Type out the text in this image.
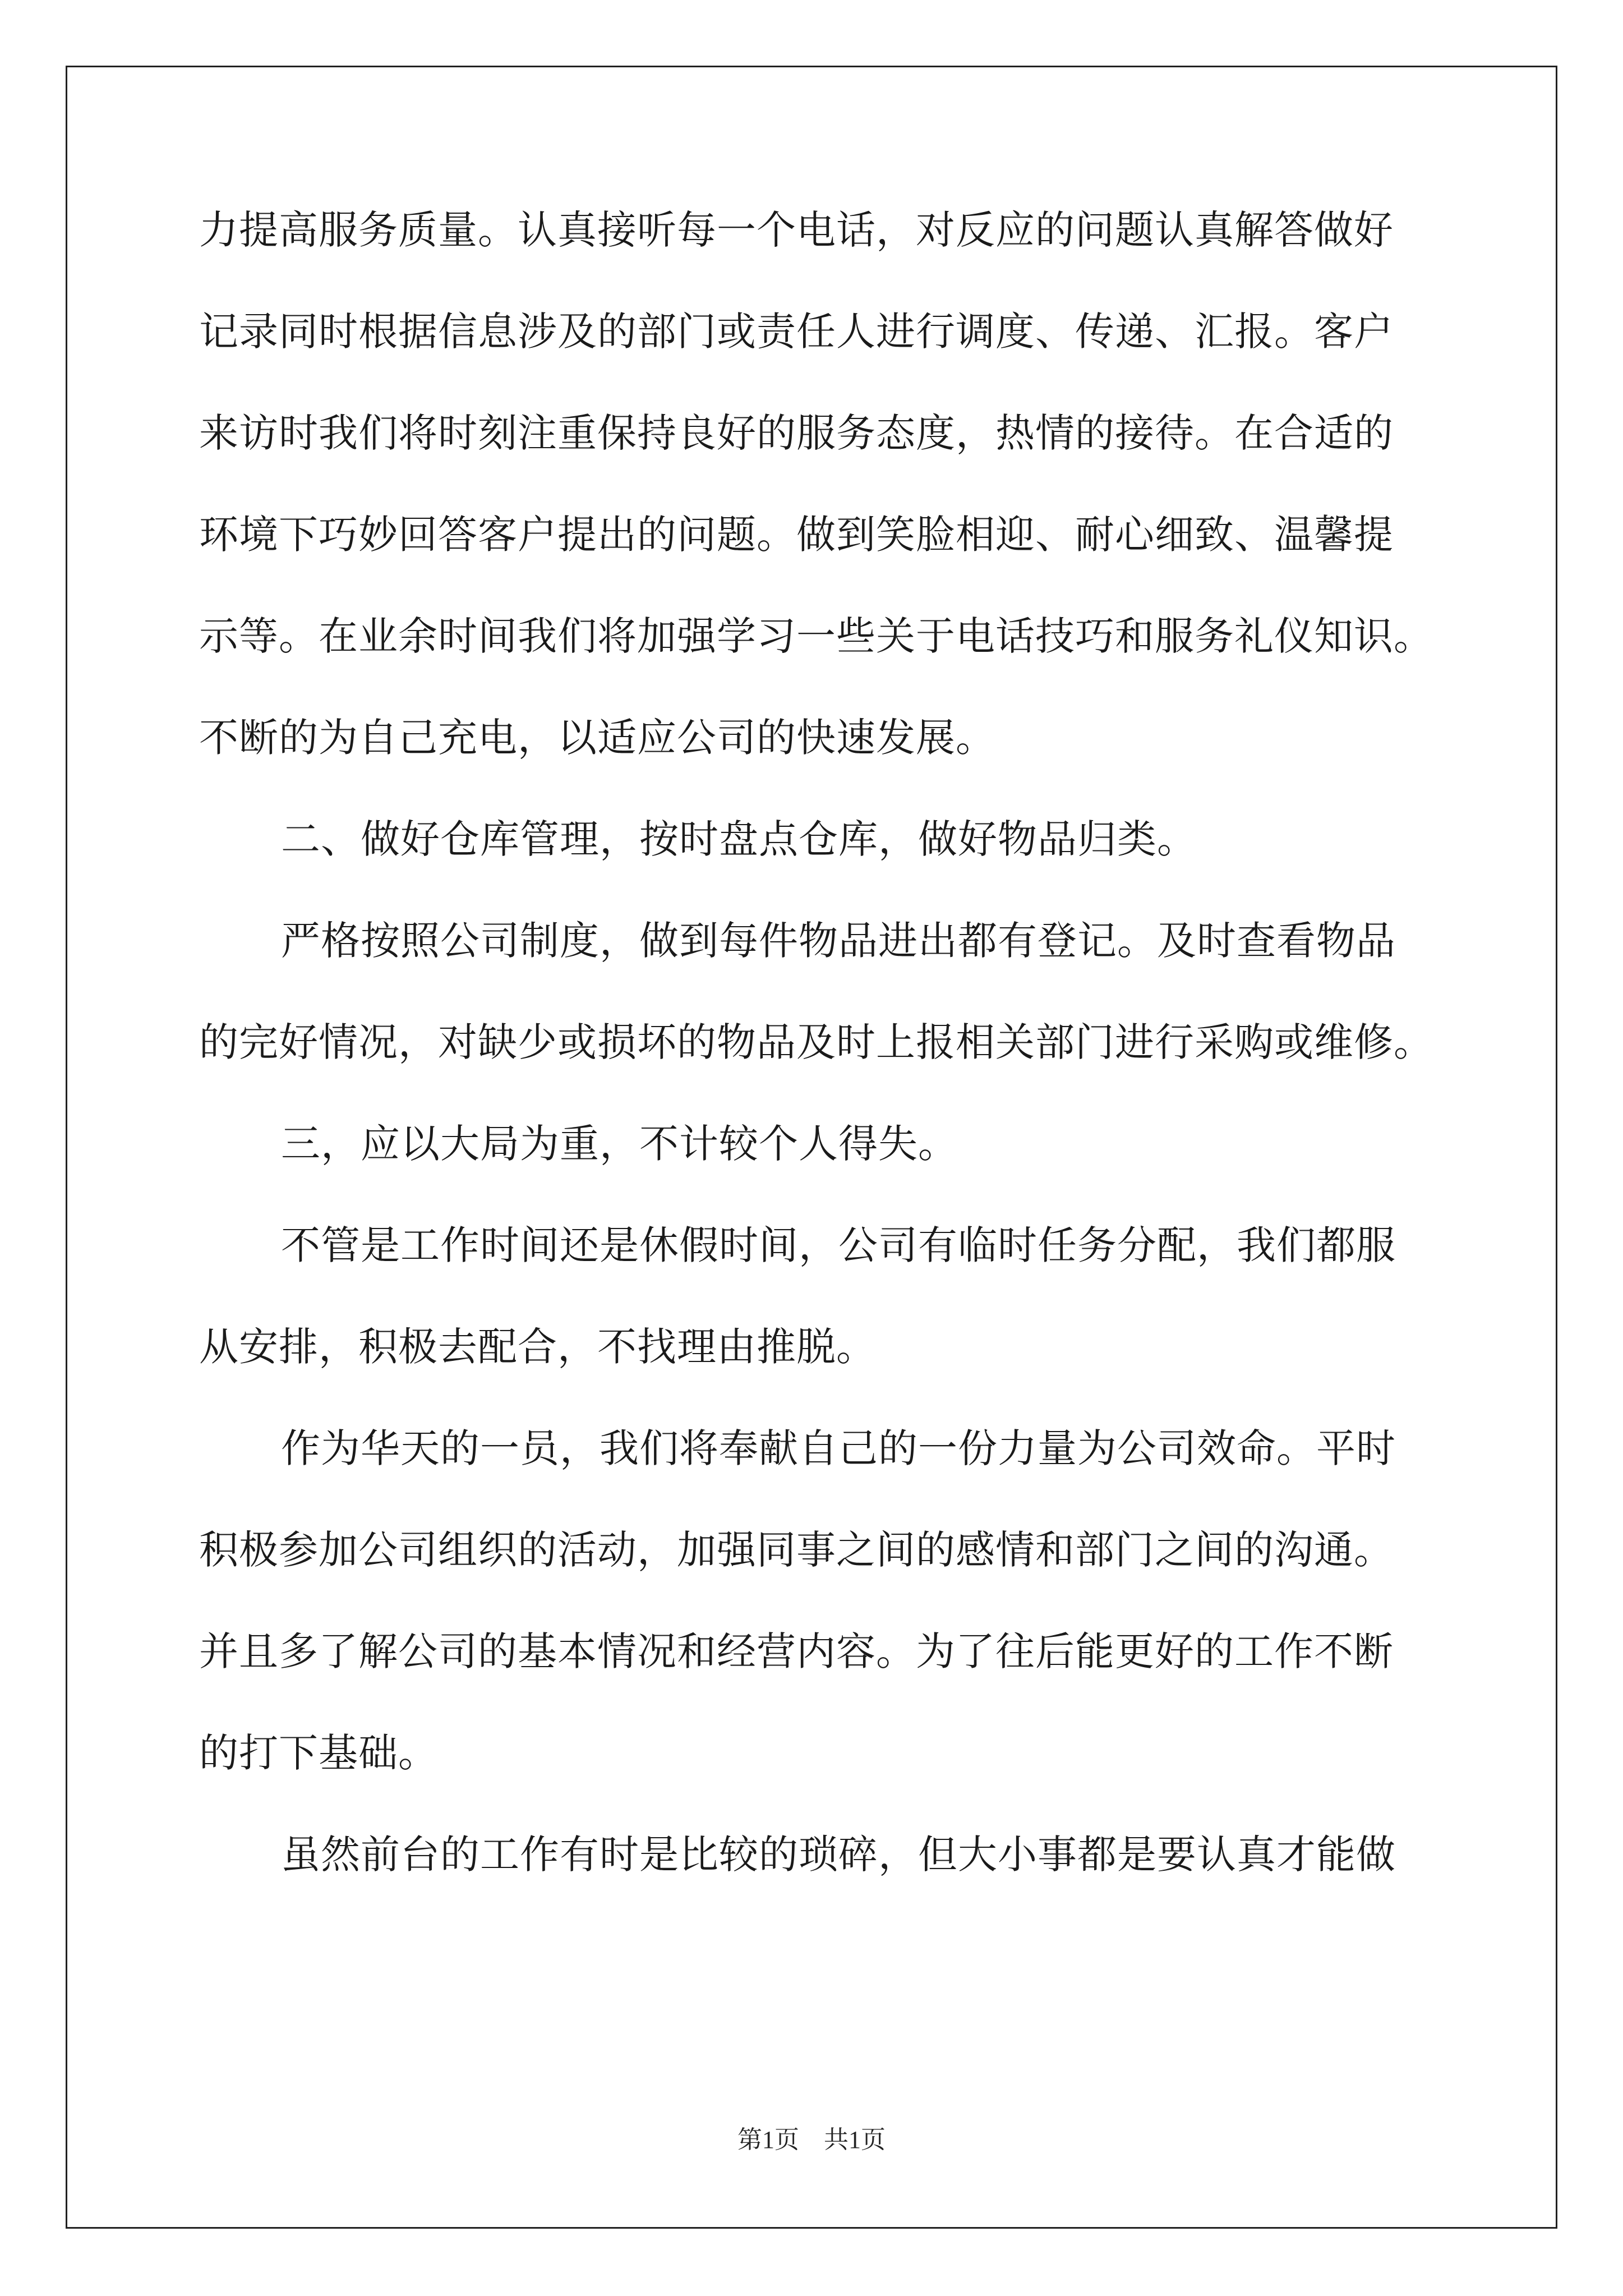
力提高服务质量。认真接听每一个电话，对反应的问题认真解答做好
记录同时根据信息涉及的部门或责任人进行调度、传递、汇报。客户
来访时我们将时刻注重保持良好的服务态度，热情的接待。在合适的
环境下巧妙回答客户提出的问题。做到笑脸相迎、耐心细致、温馨提
示等。在业余时间我们将加强学习一些关于电话技巧和服务礼仪知识。
不断的为自己充电，以适应公司的快速发展。
二、做好仓库管理，按时盘点仓库，做好物品归类。
严格按照公司制度，做到每件物品进出都有登记。及时查看物品
的完好情况，对缺少或损坏的物品及时上报相关部门进行采购或维修。
三，应以大局为重，不计较个人得失。
不管是工作时间还是休假时间，公司有临时任务分配，我们都服
从安排，积极去配合，不找理由推脱。
作为华天的一员，我们将奉献自己的一份力量为公司效命。平时
积极参加公司组织的活动，加强同事之间的感情和部门之间的沟通。
并且多了解公司的基本情况和经营内容。为了往后能更好的工作不断
的打下基础。
虽然前台的工作有时是比较的琐碎，但大小事都是要认真才能做
第1页　共1页
